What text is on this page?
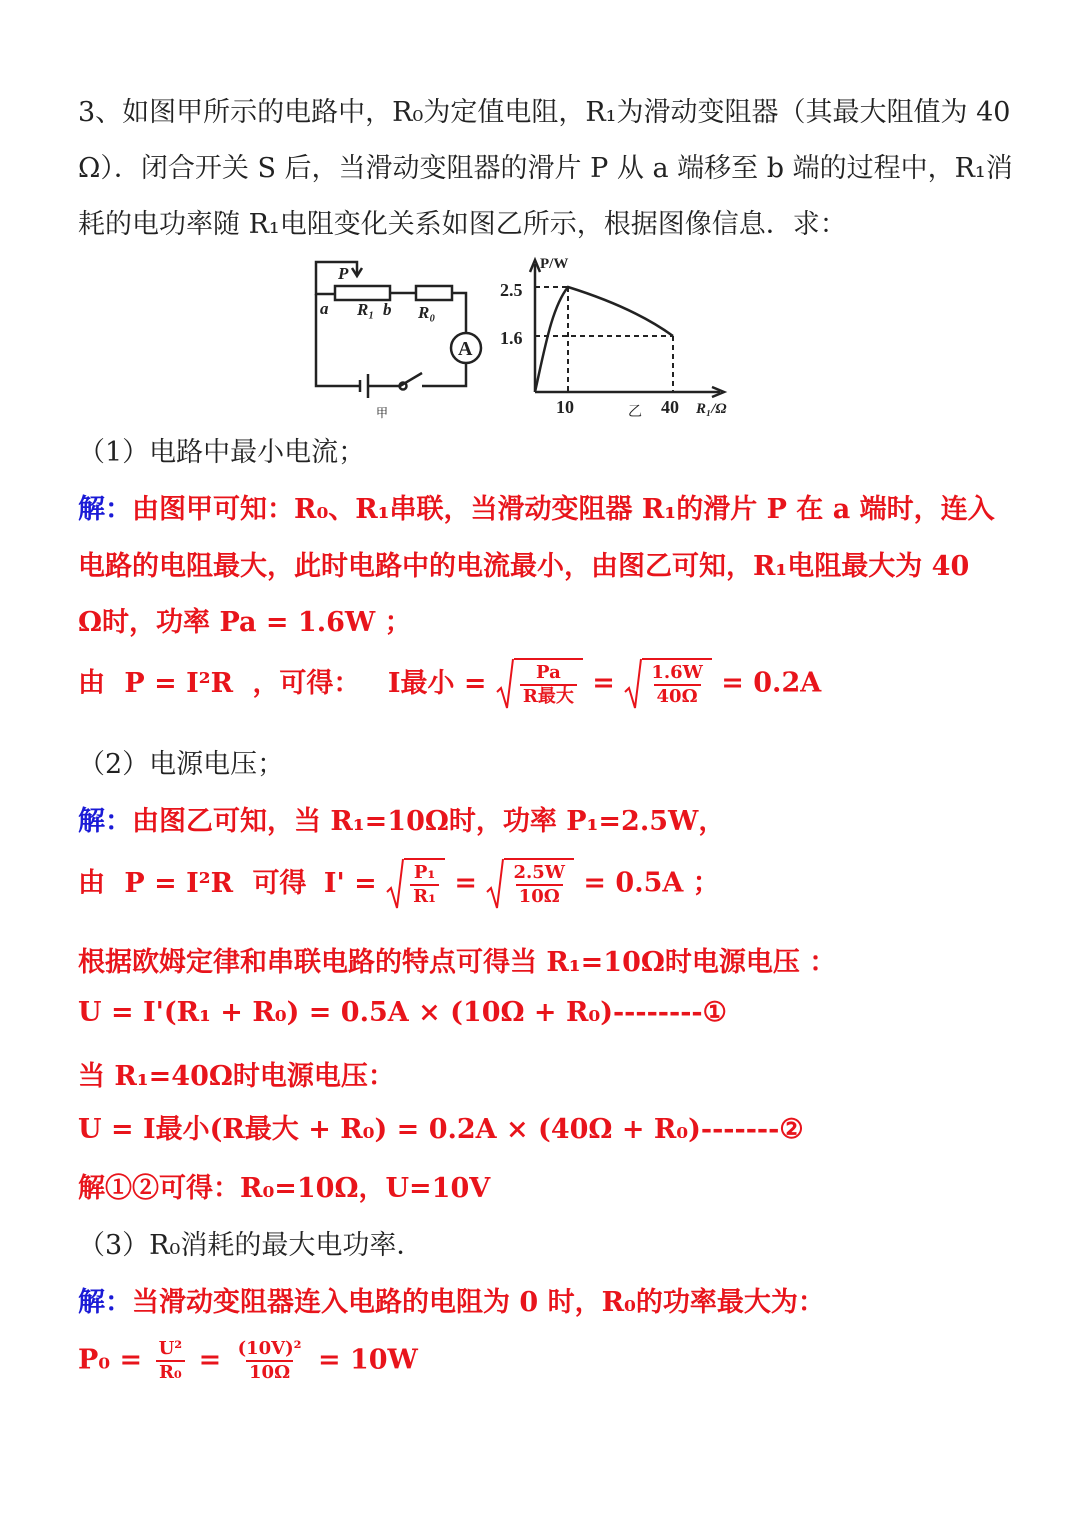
3、如图甲所示的电路中，R₀为定值电阻，R₁为滑动变阻器（其最大阻值为 40
Ω）．闭合开关 S 后，当滑动变阻器的滑片 P 从 a 端移至 b 端的过程中，R₁消
耗的电功率随 R₁电阻变化关系如图乙所示，根据图像信息．求：
P
a R₁ b R₀
A
甲
P/W
2.5
1.6
10	40 R₁/Ω
乙
（1）电路中最小电流；
解：由图甲可知：R₀、R₁串联，当滑动变阻器 R₁的滑片 P 在 a 端时，连入
电路的电阻最大，此时电路中的电流最小，由图乙可知，R₁电阻最大为 40
Ω时，功率 Pa = 1.6W ；
由 P = I²R ，可得： I最小 = $\frac{Pa}{\text{R最大}} = \frac{1.6W}{40\Omega} = 0.2A$
（2）电源电压；
解：由图乙可知，当 R₁=10Ω时，功率 P₁=2.5W，
由 P = I²R 可得 $I' = \frac{\text{P₁}}{\text{R₁}} = \frac{2.5W}{10\Omega} = 0.5A$ ；
根据欧姆定律和串联电路的特点可得当 R₁=10Ω时电源电压 ：
U = I'(R₁ + R₀) = 0.5A × (10Ω + R₀)--------①
当 R₁=40Ω时电源电压：
U = I最小(R最大 + R₀) = 0.2A × (40Ω + R₀)-------②
解①②可得：R₀=10Ω，U=10V
（3）R₀消耗的最大电功率．
解：当滑动变阻器连入电路的电阻为 0 时，R₀的功率最大为：
$P_0 = \frac{\text{U²}}{\text{R₀}} = \frac{\text{(10V)²}}{10\Omega} = 10W$
